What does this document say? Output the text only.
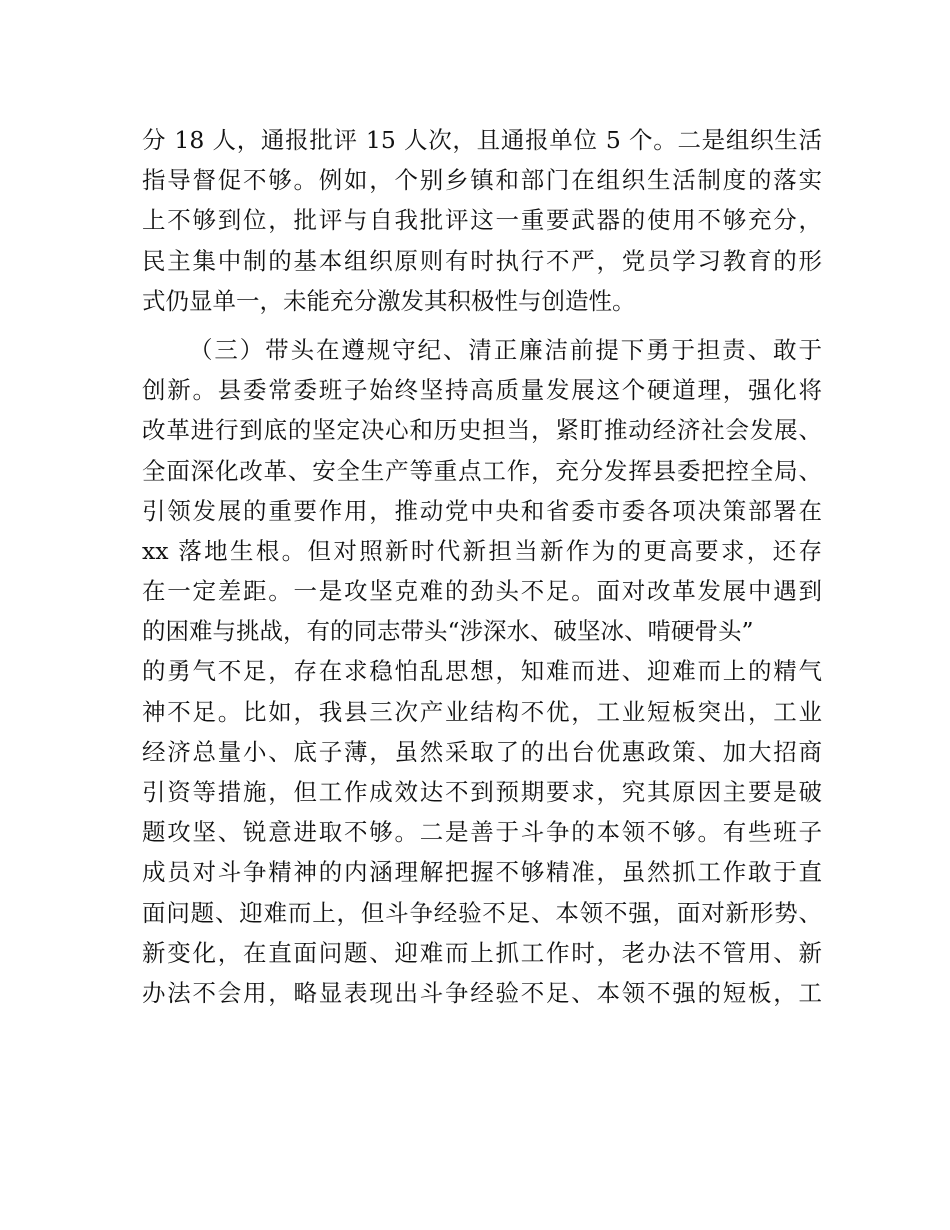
分 18 人，通报批评 15 人次，且通报单位 5 个。二是组织生活
指导督促不够。例如，个别乡镇和部门在组织生活制度的落实
上不够到位，批评与自我批评这一重要武器的使用不够充分，
民主集中制的基本组织原则有时执行不严，党员学习教育的形
式仍显单一，未能充分激发其积极性与创造性。
（三）带头在遵规守纪、清正廉洁前提下勇于担责、敢于
创新。县委常委班子始终坚持高质量发展这个硬道理，强化将
改革进行到底的坚定决心和历史担当，紧盯推动经济社会发展、
全面深化改革、安全生产等重点工作，充分发挥县委把控全局、
引领发展的重要作用，推动党中央和省委市委各项决策部署在
xx 落地生根。但对照新时代新担当新作为的更高要求，还存
在一定差距。一是攻坚克难的劲头不足。面对改革发展中遇到
的困难与挑战，有的同志带头“涉深水、破坚冰、啃硬骨头”
的勇气不足，存在求稳怕乱思想，知难而进、迎难而上的精气
神不足。比如，我县三次产业结构不优，工业短板突出，工业
经济总量小、底子薄，虽然采取了的出台优惠政策、加大招商
引资等措施，但工作成效达不到预期要求，究其原因主要是破
题攻坚、锐意进取不够。二是善于斗争的本领不够。有些班子
成员对斗争精神的内涵理解把握不够精准，虽然抓工作敢于直
面问题、迎难而上，但斗争经验不足、本领不强，面对新形势、
新变化，在直面问题、迎难而上抓工作时，老办法不管用、新
办法不会用，略显表现出斗争经验不足、本领不强的短板，工
